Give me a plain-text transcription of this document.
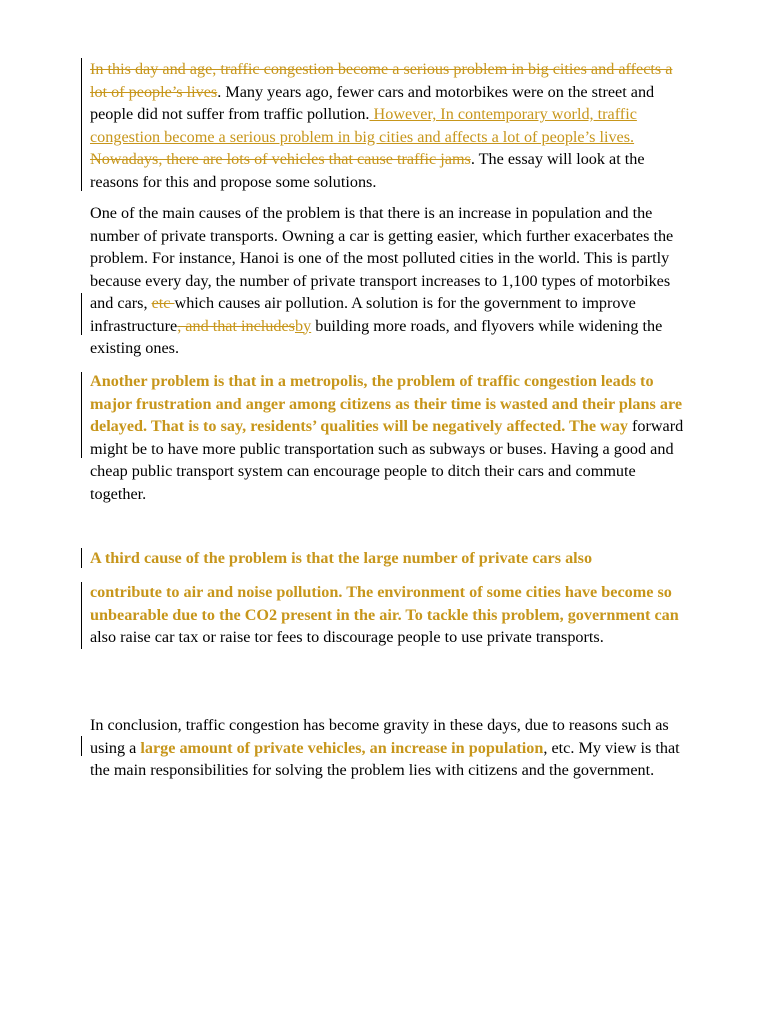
In this day and age, traffic congestion become a serious problem in big cities and affects a lot of people’s lives. Many years ago, fewer cars and motorbikes were on the street and people did not suffer from traffic pollution. However, In contemporary world, traffic congestion become a serious problem in big cities and affects a lot of people’s lives. Nowadays, there are lots of vehicles that cause traffic jams. The essay will look at the reasons for this and propose some solutions.

One of the main causes of the problem is that there is an increase in population and the number of private transports. Owning a car is getting easier, which further exacerbates the problem. For instance, Hanoi is one of the most polluted cities in the world. This is partly because every day, the number of private transport increases to 1,100 types of motorbikes and cars, etc which causes air pollution. A solution is for the government to improve infrastructure, and that includesby building more roads, and flyovers while widening the existing ones.

Another problem is that in a metropolis, the problem of traffic congestion leads to major frustration and anger among citizens as their time is wasted and their plans are delayed. That is to say, residents’ qualities will be negatively affected. The way forward might be to have more public transportation such as subways or buses. Having a good and cheap public transport system can encourage people to ditch their cars and commute together.

A third cause of the problem is that the large number of private cars also

contribute to air and noise pollution. The environment of some cities have become so unbearable due to the CO2 present in the air. To tackle this problem, government can also raise car tax or raise tor fees to discourage people to use private transports.

In conclusion, traffic congestion has become gravity in these days, due to reasons such as using a large amount of private vehicles, an increase in population, etc. My view is that the main responsibilities for solving the problem lies with citizens and the government.
